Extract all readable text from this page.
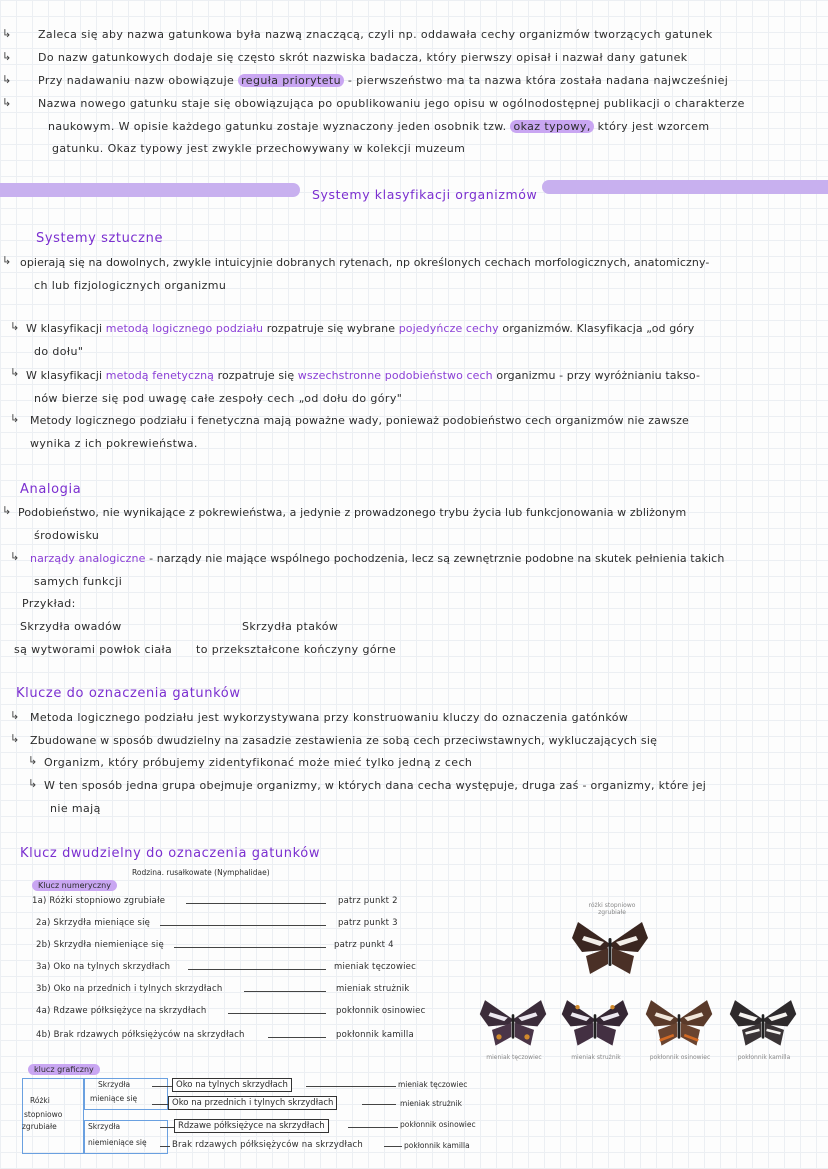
↳ Zaleca się aby nazwa gatunkowa była nazwą znaczącą, czyli np. oddawała cechy organizmów tworzących gatunek
↳ Do nazw gatunkowych dodaje się często skrót nazwiska badacza, który pierwszy opisał i nazwał dany gatunek
↳ Przy nadawaniu nazw obowiązuje reguła priorytetu - pierwszeństwo ma ta nazwa która została nadana najwcześniej
↳ Nazwa nowego gatunku staje się obowiązująca po opublikowaniu jego opisu w ogólnodostępnej publikacji o charakterze
naukowym. W opisie każdego gatunku zostaje wyznaczony jeden osobnik tzw. okaz typowy, który jest wzorcem
gatunku. Okaz typowy jest zwykle przechowywany w kolekcji muzeum
Systemy klasyfikacji organizmów
Systemy sztuczne
↳ opierają się na dowolnych, zwykle intuicyjnie dobranych rytenach, np określonych cechach morfologicznych, anatomiczny-
ch lub fizjologicznych organizmu
↳ W klasyfikacji metodą logicznego podziału rozpatruje się wybrane pojedyńcze cechy organizmów. Klasyfikacja „od góry
do dołu"
↳ W klasyfikacji metodą fenetyczną rozpatruje się wszechstronne podobieństwo cech organizmu - przy wyróżnianiu takso-
nów bierze się pod uwagę całe zespoły cech „od dołu do góry"
↳ Metody logicznego podziału i fenetyczna mają poważne wady, ponieważ podobieństwo cech organizmów nie zawsze
wynika z ich pokrewieństwa.
Analogia
↳ Podobieństwo, nie wynikające z pokrewieństwa, a jedynie z prowadzonego trybu życia lub funkcjonowania w zbliżonym
środowisku
↳ narządy analogiczne - narządy nie mające wspólnego pochodzenia, lecz są zewnętrznie podobne na skutek pełnienia takich
samych funkcji
Przykład:
Skrzydła owadów	Skrzydła ptaków
są wytworami powłok ciała to przekształcone kończyny górne
Klucze do oznaczenia gatunków
↳ Metoda logicznego podziału jest wykorzystywana przy konstruowaniu kluczy do oznaczenia gatónków
↳ Zbudowane w sposób dwudzielny na zasadzie zestawienia ze sobą cech przeciwstawnych, wykluczających się
↳ Organizm, który próbujemy zidentyfikonać może mieć tylko jedną z cech
↳ W ten sposób jedna grupa obejmuje organizmy, w których dana cecha występuje, druga zaś - organizmy, które jej
nie mają
Klucz dwudzielny do oznaczenia gatunków
Rodzina. rusałkowate (Nymphalidae)
Klucz numeryczny
1a) Różki stopniowo zgrubiałe	patrz punkt 2
2a) Skrzydła mieniące się	patrz punkt 3
2b) Skrzydła niemieniące się	patrz punkt 4
3a) Oko na tylnych skrzydłach	mieniak tęczowiec
3b) Oko na przednich i tylnych skrzydłach	mieniak strużnik
4a) Rdzawe półksiężyce na skrzydłach	pokłonnik osinowiec
4b) Brak rdzawych półksiężyców na skrzydłach	pokłonnik kamilla
klucz graficzny
Różki
stopniowo
zgrubiałe
Skrzydła
mieniące się
Skrzydła
niemieniące się
Oko na tylnych skrzydłach	mieniak tęczowiec
Oko na przednich i tylnych skrzydłach	mieniak strużnik
Rdzawe półksiężyce na skrzydłach	pokłonnik osinowiec
Brak rdzawych półksiężyców na skrzydłach	pokłonnik kamilla
różki stopniowo zgrubiałe
mieniak tęczowiec	mieniak strużnik	pokłonnik osinowiec	pokłonnik kamilla
